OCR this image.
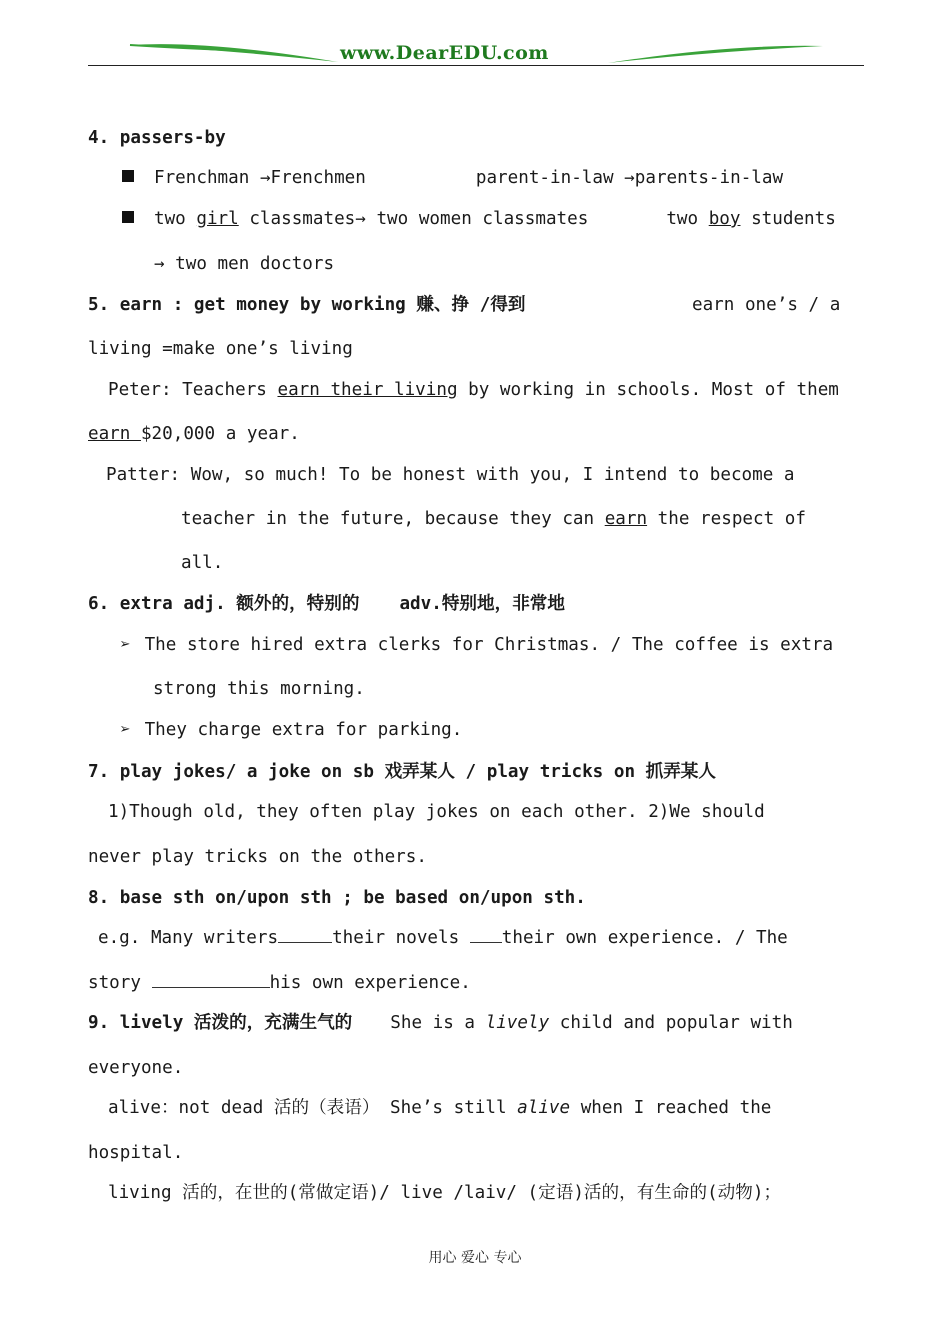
www.DearEDU.com
4. passers-by
Frenchman →Frenchmen	parent-in-law →parents-in-law
two girl classmates→ two women classmates	two boy students
→ two men doctors
5. earn : get money by working 赚、挣 /得到	earn one’s / a
living =make one’s living
Peter: Teachers earn their living by working in schools. Most of them
earn $20,000 a year.
Patter: Wow, so much! To be honest with you, I intend to become a
teacher in the future, because they can earn the respect of
all.
6. extra adj. 额外的，特别的 adv.特别地，非常地
➢ The store hired extra clerks for Christmas. / The coffee is extra
strong this morning.
➢ They charge extra for parking.
7. play jokes/ a joke on sb 戏弄某人 / play tricks on 抓弄某人
1)Though old, they often play jokes on each other. 2)We should
never play tricks on the others.
8. base sth on/upon sth ; be based on/upon sth.
e.g. Many writers	their novels their own experience. / The
story	his own experience.
9. lively 活泼的，充满生气的 She is a lively child and popular with
everyone.
alive：not dead 活的（表语） She’s still alive when I reached the
hospital.
living 活的，在世的(常做定语)/ live /laiv/ (定语)活的，有生命的(动物)；
用心 爱心 专心
